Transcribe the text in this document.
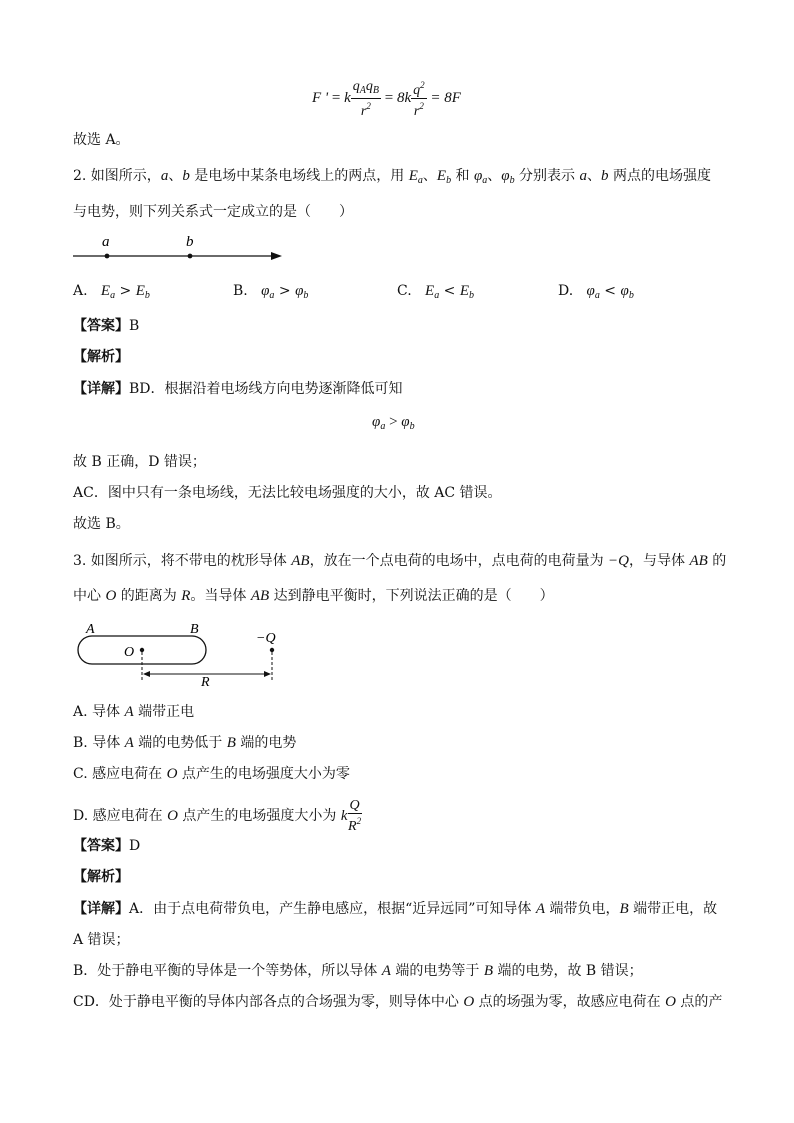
F ' = k $\frac{q_Aq_B}{r^2} = 8k \frac{q^2}{r^2} = 8F$
故选 A。
2. 如图所示，a、b 是电场中某条电场线上的两点，用 $E_a$、$E_b$ 和 $\varphi_a$、$\varphi_b$ 分别表示 a、b 两点的电场强度
与电势，则下列关系式一定成立的是（　　）
a	b
A. $E_a > E_b$	B. $\varphi_a > \varphi_b$	C. $E_a < E_b$	D. $\varphi_a < \varphi_b$
【答案】B
【解析】
【详解】BD．根据沿着电场线方向电势逐渐降低可知
$\varphi_a > \varphi_b$
故 B 正确，D 错误；
AC．图中只有一条电场线，无法比较电场强度的大小，故 AC 错误。
故选 B。
3. 如图所示，将不带电的枕形导体 AB，放在一个点电荷的电场中，点电荷的电荷量为 −Q，与导体 AB 的
中心 O 的距离为 R。当导体 AB 达到静电平衡时，下列说法正确的是（　　）
A	B
O
−Q
R
A. 导体 A 端带正电
B. 导体 A 端的电势低于 B 端的电势
C. 感应电荷在 O 点产生的电场强度大小为零
D. 感应电荷在 O 点产生的电场强度大小为 k $\frac{Q}{R^2}$
【答案】D
【解析】
【详解】A．由于点电荷带负电，产生静电感应，根据“近异远同”可知导体 A 端带负电，B 端带正电，故
A 错误；
B．处于静电平衡的导体是一个等势体，所以导体 A 端的电势等于 B 端的电势，故 B 错误；
CD．处于静电平衡的导体内部各点的合场强为零，则导体中心 O 点的场强为零，故感应电荷在 O 点的产
